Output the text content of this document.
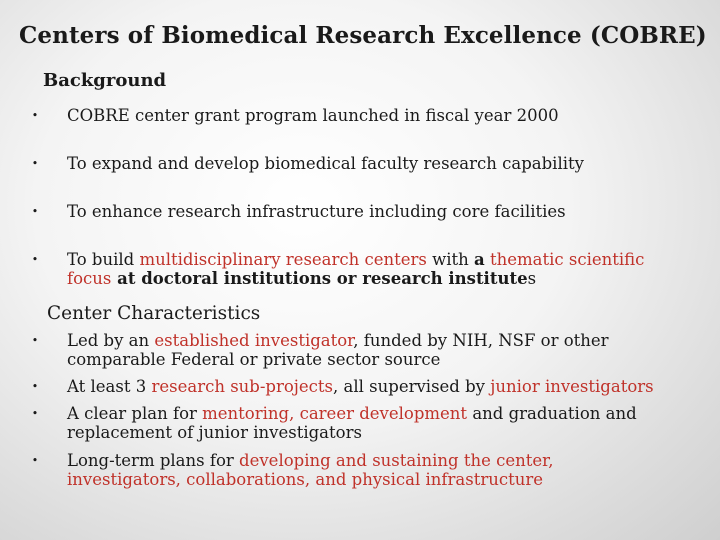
Centers of Biomedical Research Excellence (COBRE)
Background
• COBRE center grant program launched in fiscal year 2000
• To expand and develop biomedical faculty research capability
• To enhance research infrastructure including core facilities
• To build multidisciplinary research centers with a thematic scientific focus at doctoral institutions or research institutes
Center Characteristics
• Led by an established investigator, funded by NIH, NSF or other comparable Federal or private sector source
• At least 3 research sub-projects, all supervised by junior investigators
• A clear plan for mentoring, career development and graduation and replacement of junior investigators
• Long-term plans for developing and sustaining the center, investigators, collaborations, and physical infrastructure
